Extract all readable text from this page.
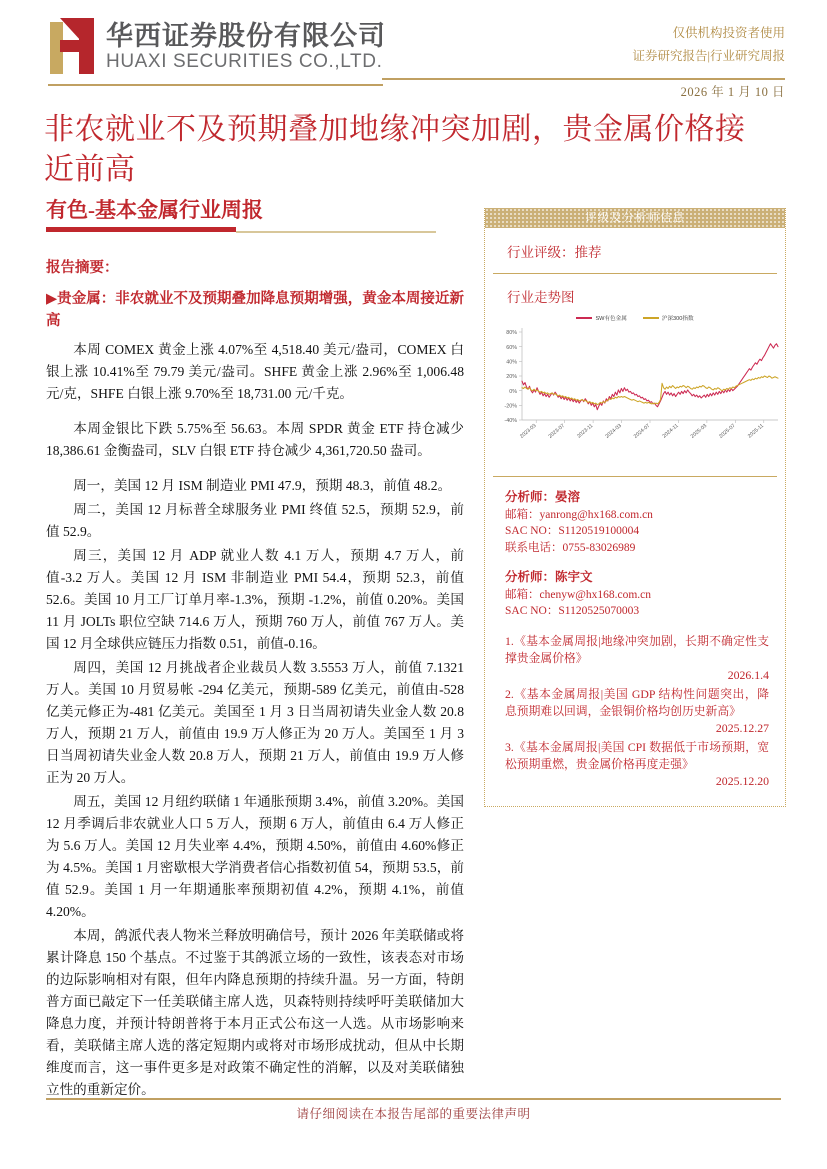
华西证券股份有限公司
HUAXI SECURITIES CO.,LTD.
仅供机构投资者使用
证券研究报告|行业研究周报
2026 年 1 月 10 日
非农就业不及预期叠加地缘冲突加剧，贵金属价格接近前高
有色-基本金属行业周报

报告摘要：

▶贵金属：非农就业不及预期叠加降息预期增强，黄金本周接近新高

本周 COMEX 黄金上涨 4.07%至 4,518.40 美元/盎司，COMEX 白银上涨 10.41%至 79.79 美元/盎司。SHFE 黄金上涨 2.96%至 1,006.48 元/克，SHFE 白银上涨 9.70%至 18,731.00 元/千克。

本周金银比下跌 5.75%至 56.63。本周 SPDR 黄金 ETF 持仓减少 18,386.61 金衡盎司，SLV 白银 ETF 持仓减少 4,361,720.50 盎司。

周一，美国 12 月 ISM 制造业 PMI 47.9，预期 48.3，前值 48.2。

周二，美国 12 月标普全球服务业 PMI 终值 52.5，预期 52.9，前值 52.9。

周三，美国 12 月 ADP 就业人数 4.1 万人，预期 4.7 万人，前值-3.2 万人。美国 12 月 ISM 非制造业 PMI 54.4，预期 52.3，前值 52.6。美国 10 月工厂订单月率-1.3%，预期 -1.2%，前值 0.20%。美国 11 月 JOLTs 职位空缺 714.6 万人，预期 760 万人，前值 767 万人。美国 12 月全球供应链压力指数 0.51，前值-0.16。

周四，美国 12 月挑战者企业裁员人数 3.5553 万人，前值 7.1321 万人。美国 10 月贸易帐 -294 亿美元，预期-589 亿美元，前值由-528 亿美元修正为-481 亿美元。美国至 1 月 3 日当周初请失业金人数 20.8 万人，预期 21 万人，前值由 19.9 万人修正为 20 万人。美国至 1 月 3 日当周初请失业金人数 20.8 万人，预期 21 万人，前值由 19.9 万人修正为 20 万人。

周五，美国 12 月纽约联储 1 年通胀预期 3.4%，前值 3.20%。美国 12 月季调后非农就业人口 5 万人，预期 6 万人，前值由 6.4 万人修正为 5.6 万人。美国 12 月失业率 4.4%，预期 4.50%，前值由 4.60%修正为 4.5%。美国 1 月密歇根大学消费者信心指数初值 54，预期 53.5，前值 52.9。美国 1 月一年期通胀率预期初值 4.2%，预期 4.1%，前值 4.20%。

本周，鸽派代表人物米兰释放明确信号，预计 2026 年美联储或将累计降息 150 个基点。不过鉴于其鸽派立场的一致性，该表态对市场的边际影响相对有限，但年内降息预期的持续升温。另一方面，特朗普方面已敲定下一任美联储主席人选，贝森特则持续呼吁美联储加大降息力度，并预计特朗普将于本月正式公布这一人选。从市场影响来看，美联储主席人选的落定短期内或将对市场形成扰动，但从中长期维度而言，这一事件更多是对政策不确定性的消解，以及对美联储独立性的重新定价。

评级及分析师信息
行业评级：推荐
行业走势图
SW有色金属	沪深300指数
-40%
-20%
0%
20%
40%
60%
80%
2023-03 2023-07 2023-11 2024-03 2024-07 2024-11 2025-03 2025-07 2025-11
分析师：晏溶
邮箱：yanrong@hx168.com.cn
SAC NO：S1120519100004
联系电话：0755-83026989
分析师：陈宇文
邮箱：chenyw@hx168.com.cn
SAC NO：S1120525070003
1.《基本金属周报|地缘冲突加剧，长期不确定性支撑贵金属价格》
2026.1.4
2.《基本金属周报|美国 GDP 结构性问题突出，降息预期难以回调，金银铜价格均创历史新高》
2025.12.27
3.《基本金属周报|美国 CPI 数据低于市场预期，宽松预期重燃，贵金属价格再度走强》
2025.12.20
请仔细阅读在本报告尾部的重要法律声明
